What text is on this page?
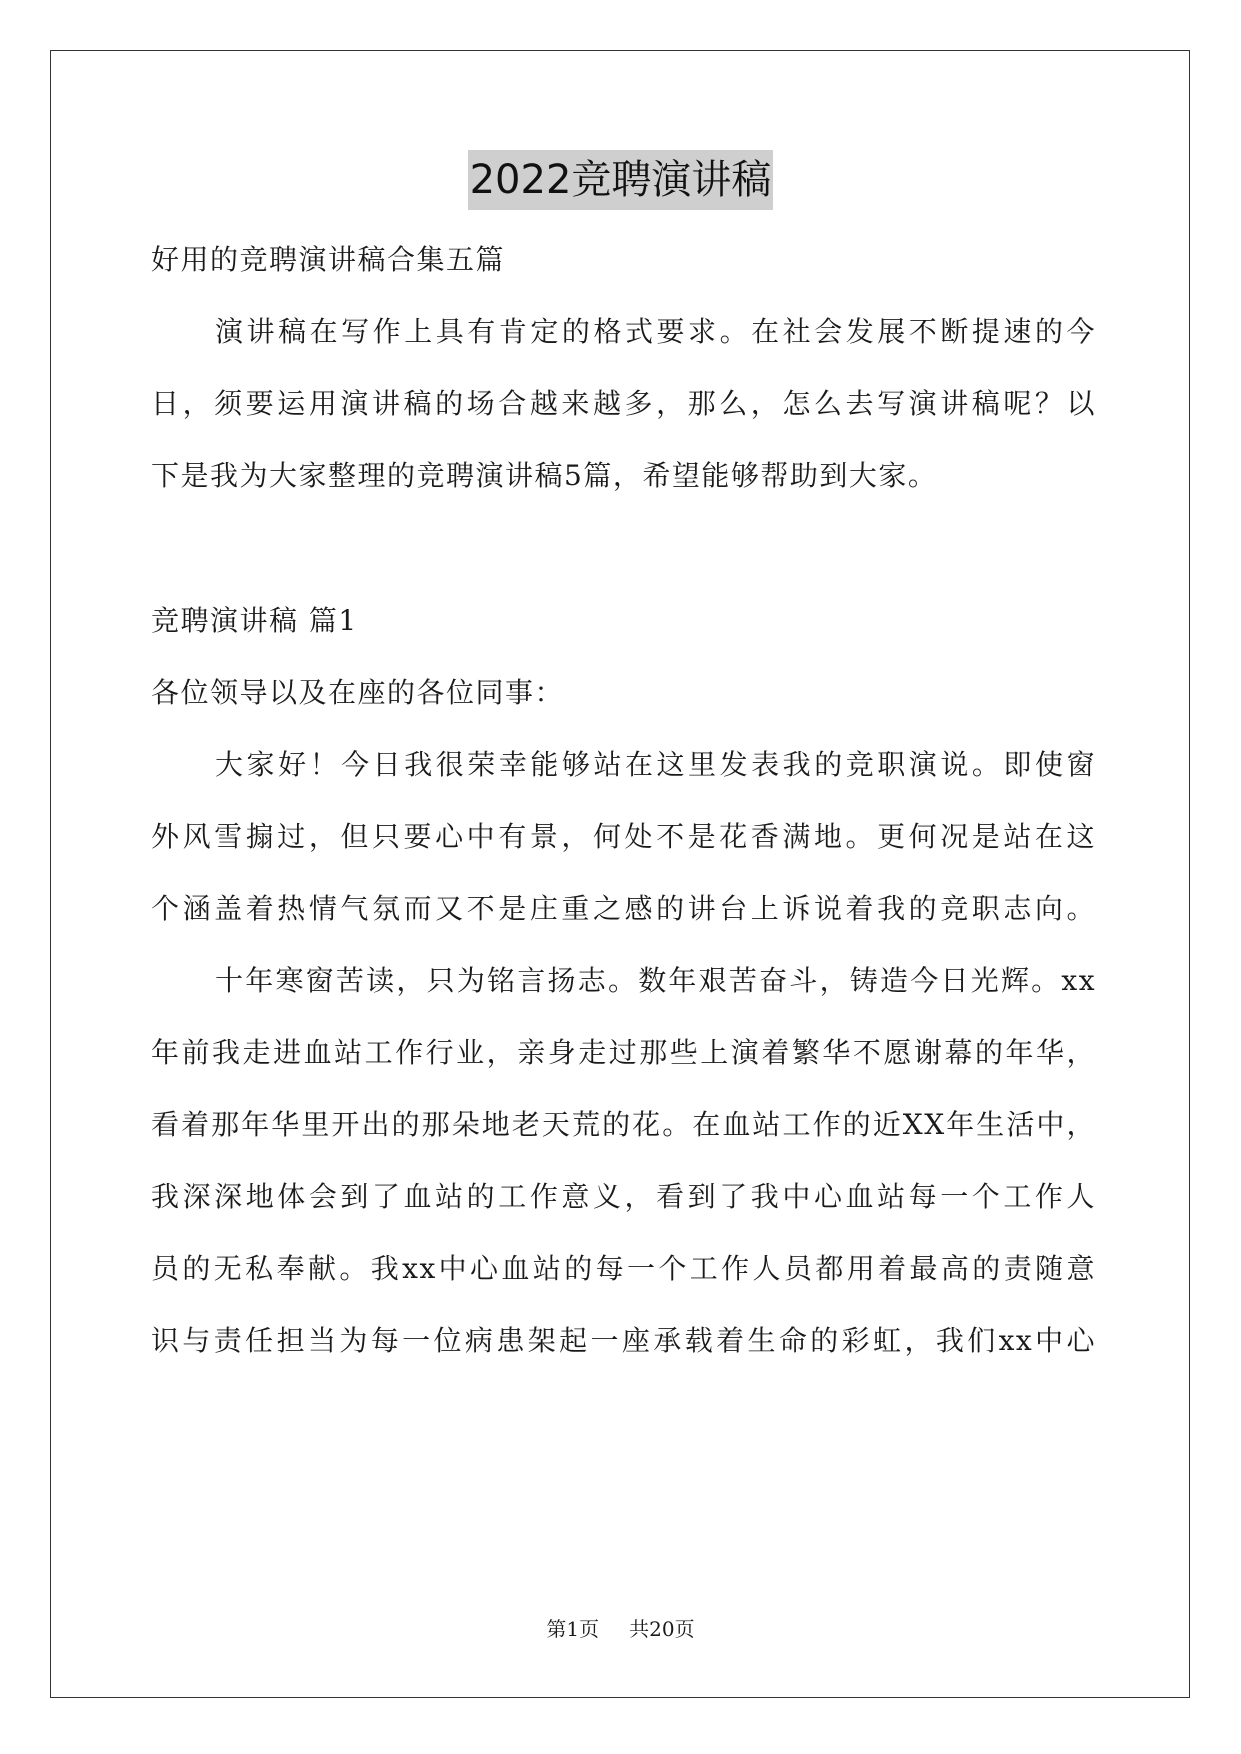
2022竞聘演讲稿
好用的竞聘演讲稿合集五篇
演讲稿在写作上具有肯定的格式要求。在社会发展不断提速的今
日，须要运用演讲稿的场合越来越多，那么，怎么去写演讲稿呢？以
下是我为大家整理的竞聘演讲稿5篇，希望能够帮助到大家。
竞聘演讲稿 篇1
各位领导以及在座的各位同事：
大家好！今日我很荣幸能够站在这里发表我的竞职演说。即使窗
外风雪搧过，但只要心中有景，何处不是花香满地。更何况是站在这
个涵盖着热情气氛而又不是庄重之感的讲台上诉说着我的竞职志向。
十年寒窗苦读，只为铭言扬志。数年艰苦奋斗，铸造今日光辉。xx
年前我走进血站工作行业，亲身走过那些上演着繁华不愿谢幕的年华，
看着那年华里开出的那朵地老天荒的花。在血站工作的近XX年生活中，
我深深地体会到了血站的工作意义，看到了我中心血站每一个工作人
员的无私奉献。我xx中心血站的每一个工作人员都用着最高的责随意
识与责任担当为每一位病患架起一座承载着生命的彩虹，我们xx中心
第1页 共20页
